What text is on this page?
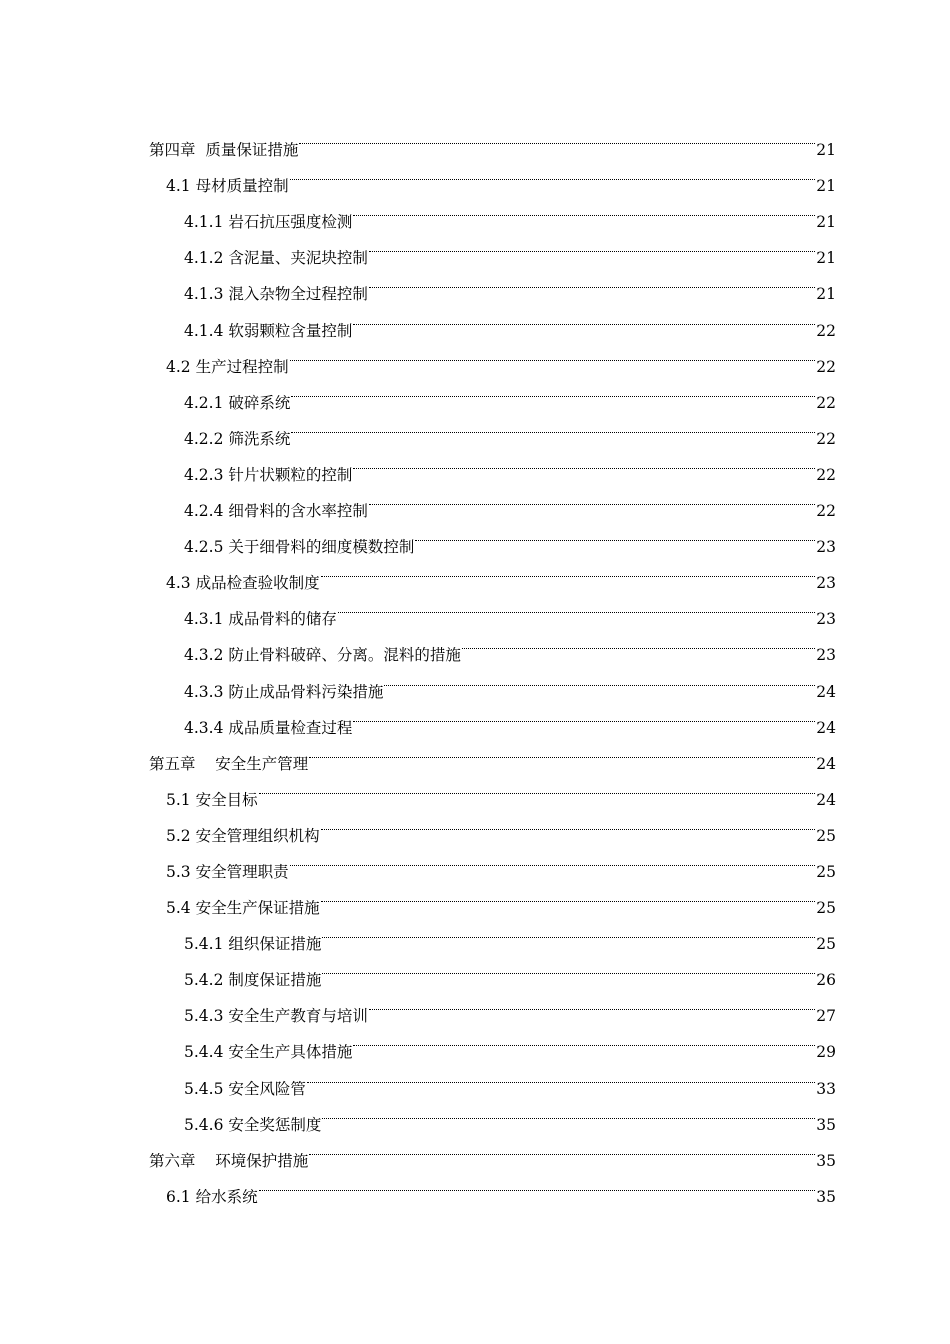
第四章  质量保证措施	21
4.1 母材质量控制	21
4.1.1 岩石抗压强度检测	21
4.1.2 含泥量、夹泥块控制	21
4.1.3 混入杂物全过程控制	21
4.1.4 软弱颗粒含量控制	22
4.2 生产过程控制	22
4.2.1 破碎系统	22
4.2.2 筛洗系统	22
4.2.3 针片状颗粒的控制	22
4.2.4 细骨料的含水率控制	22
4.2.5 关于细骨料的细度模数控制	23
4.3 成品检查验收制度	23
4.3.1 成品骨料的储存	23
4.3.2 防止骨料破碎、分离。混料的措施	23
4.3.3 防止成品骨料污染措施	24
4.3.4 成品质量检查过程	24
第五章    安全生产管理	24
5.1 安全目标	24
5.2 安全管理组织机构	25
5.3 安全管理职责	25
5.4 安全生产保证措施	25
5.4.1 组织保证措施	25
5.4.2 制度保证措施	26
5.4.3 安全生产教育与培训	27
5.4.4 安全生产具体措施	29
5.4.5 安全风险管	33
5.4.6 安全奖惩制度	35
第六章    环境保护措施	35
6.1 给水系统	35
